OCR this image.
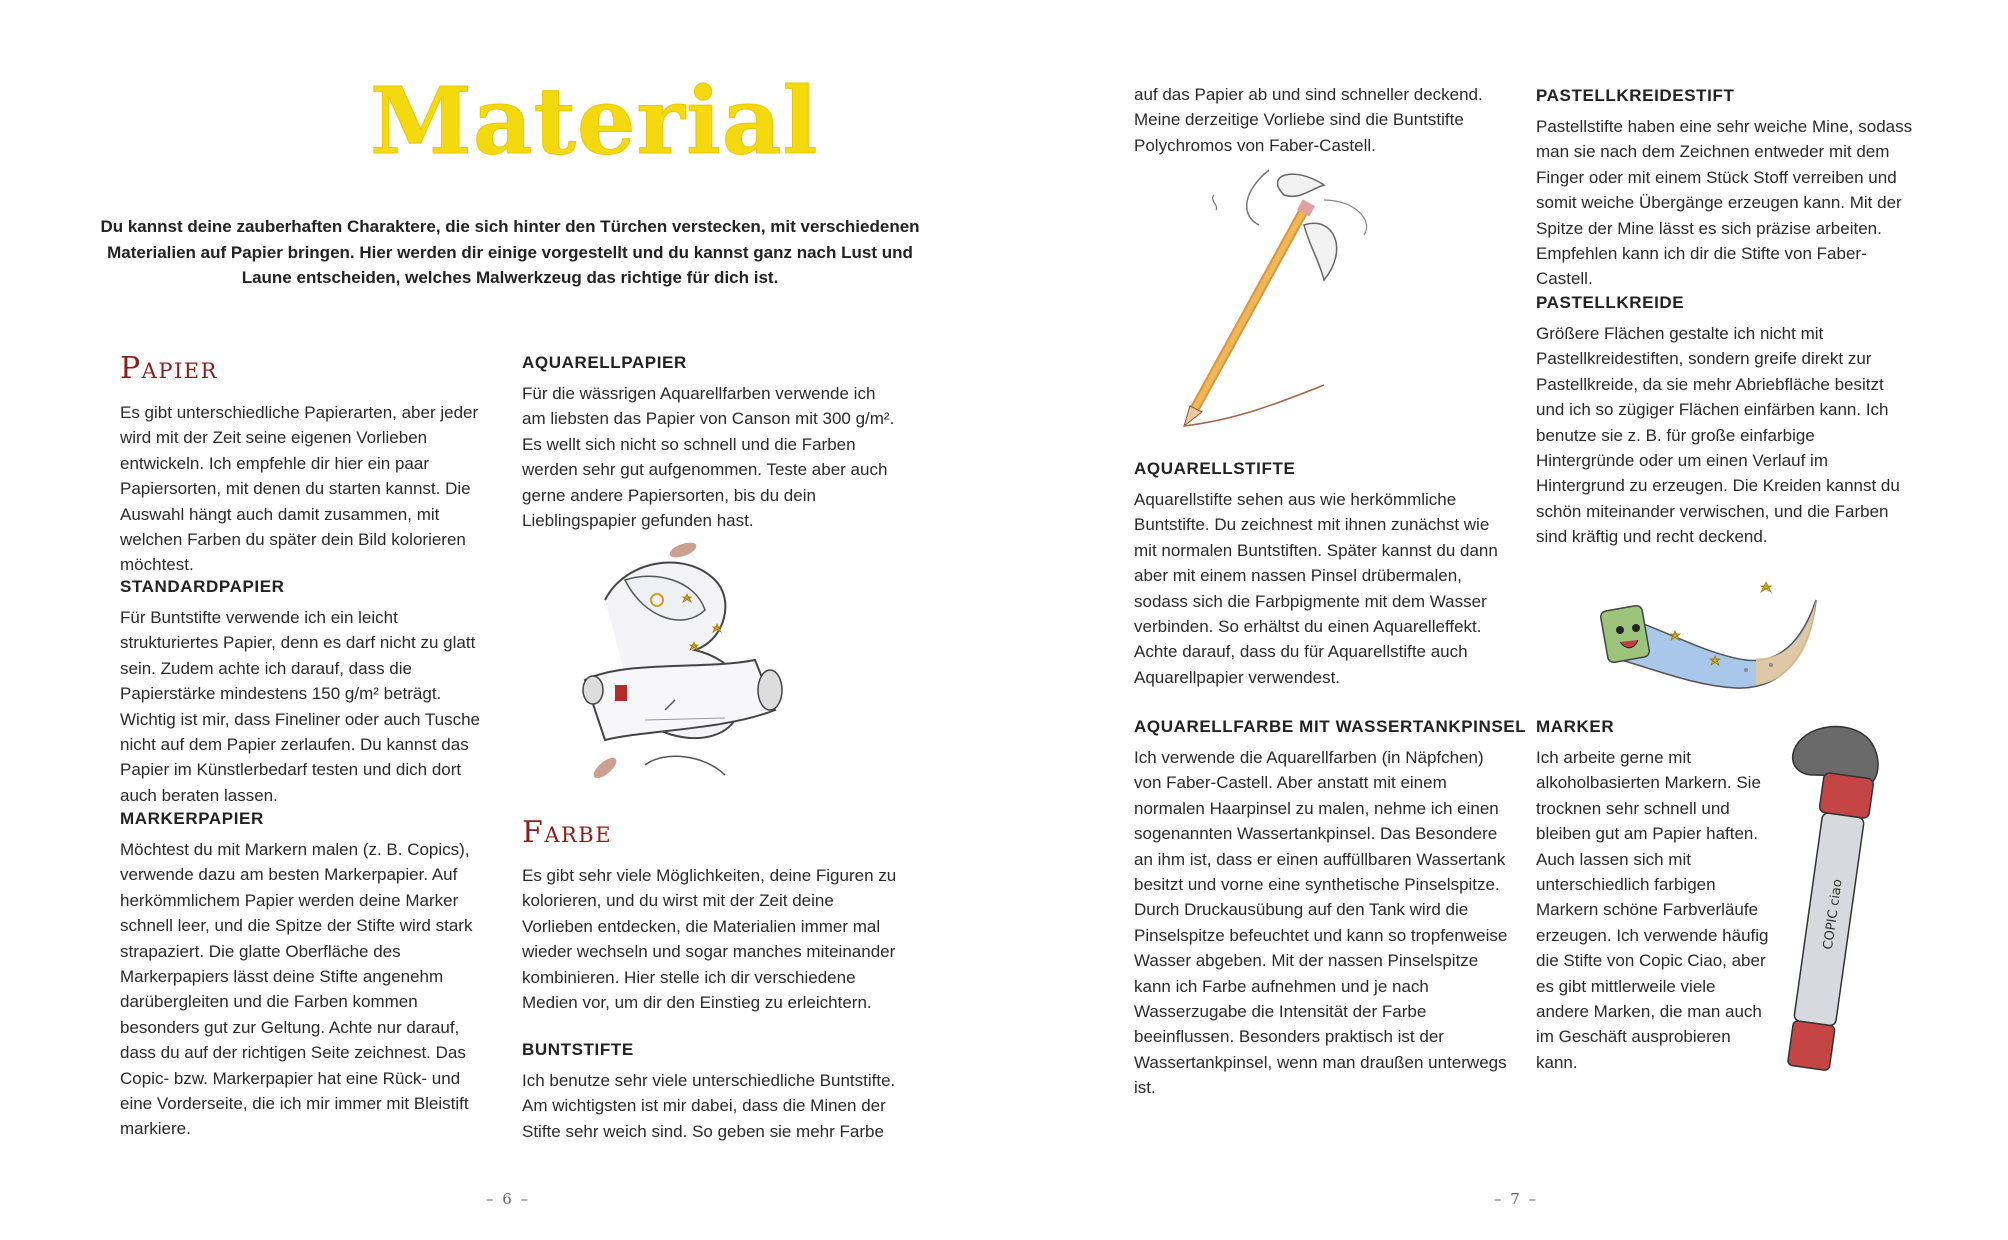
Material

Du kannst deine zauberhaften Charaktere, die sich hinter den Türchen verstecken, mit verschiedenen Materialien auf Papier bringen. Hier werden dir einige vorgestellt und du kannst ganz nach Lust und Laune entscheiden, welches Malwerkzeug das richtige für dich ist.

Papier

Es gibt unterschiedliche Papierarten, aber jeder wird mit der Zeit seine eigenen Vorlieben entwickeln. Ich empfehle dir hier ein paar Papiersorten, mit denen du starten kannst. Die Auswahl hängt auch damit zusammen, mit welchen Farben du später dein Bild kolorieren möchtest.

STANDARDPAPIER

Für Buntstifte verwende ich ein leicht strukturiertes Papier, denn es darf nicht zu glatt sein. Zudem achte ich darauf, dass die Papierstärke mindestens 150 g/m² beträgt. Wichtig ist mir, dass Fineliner oder auch Tusche nicht auf dem Papier zerlaufen. Du kannst das Papier im Künstlerbedarf testen und dich dort auch beraten lassen.

MARKERPAPIER

Möchtest du mit Markern malen (z. B. Copics), verwende dazu am besten Markerpapier. Auf herkömmlichem Papier werden deine Marker schnell leer, und die Spitze der Stifte wird stark strapaziert. Die glatte Oberfläche des Markerpapiers lässt deine Stifte angenehm darübergleiten und die Farben kommen besonders gut zur Geltung. Achte nur darauf, dass du auf der richtigen Seite zeichnest. Das Copic- bzw. Markerpapier hat eine Rück- und eine Vorderseite, die ich mir immer mit Bleistift markiere.

AQUARELLPAPIER

Für die wässrigen Aquarellfarben verwende ich am liebsten das Papier von Canson mit 300 g/m². Es wellt sich nicht so schnell und die Farben werden sehr gut aufgenommen. Teste aber auch gerne andere Papiersorten, bis du dein Lieblingspapier gefunden hast.

Farbe

Es gibt sehr viele Möglichkeiten, deine Figuren zu kolorieren, und du wirst mit der Zeit deine Vorlieben entdecken, die Materialien immer mal wieder wechseln und sogar manches miteinander kombinieren. Hier stelle ich dir verschiedene Medien vor, um dir den Einstieg zu erleichtern.

BUNTSTIFTE

Ich benutze sehr viele unterschiedliche Buntstifte. Am wichtigsten ist mir dabei, dass die Minen der Stifte sehr weich sind. So geben sie mehr Farbe

– 6 –

auf das Papier ab und sind schneller deckend. Meine derzeitige Vorliebe sind die Buntstifte Polychromos von Faber-Castell.

AQUARELLSTIFTE

Aquarellstifte sehen aus wie herkömmliche Buntstifte. Du zeichnest mit ihnen zunächst wie mit normalen Buntstiften. Später kannst du dann aber mit einem nassen Pinsel drübermalen, sodass sich die Farbpigmente mit dem Wasser verbinden. So erhältst du einen Aquarelleffekt. Achte darauf, dass du für Aquarellstifte auch Aquarellpapier verwendest.

AQUARELLFARBE MIT WASSERTANKPINSEL

Ich verwende die Aquarellfarben (in Näpfchen) von Faber-Castell. Aber anstatt mit einem normalen Haarpinsel zu malen, nehme ich einen sogenannten Wassertankpinsel. Das Besondere an ihm ist, dass er einen auffüllbaren Wassertank besitzt und vorne eine synthetische Pinselspitze. Durch Druckausübung auf den Tank wird die Pinselspitze befeuchtet und kann so tropfenweise Wasser abgeben. Mit der nassen Pinselspitze kann ich Farbe aufnehmen und je nach Wasserzugabe die Intensität der Farbe beeinflussen. Besonders praktisch ist der Wassertankpinsel, wenn man draußen unterwegs ist.

PASTELLKREIDESTIFT

Pastellstifte haben eine sehr weiche Mine, sodass man sie nach dem Zeichnen entweder mit dem Finger oder mit einem Stück Stoff verreiben und somit weiche Übergänge erzeugen kann. Mit der Spitze der Mine lässt es sich präzise arbeiten. Empfehlen kann ich dir die Stifte von Faber-Castell.

PASTELLKREIDE

Größere Flächen gestalte ich nicht mit Pastellkreidestiften, sondern greife direkt zur Pastellkreide, da sie mehr Abriebfläche besitzt und ich so zügiger Flächen einfärben kann. Ich benutze sie z. B. für große einfarbige Hintergründe oder um einen Verlauf im Hintergrund zu erzeugen. Die Kreiden kannst du schön miteinander verwischen, und die Farben sind kräftig und recht deckend.

MARKER

Ich arbeite gerne mit alkoholbasierten Markern. Sie trocknen sehr schnell und bleiben gut am Papier haften. Auch lassen sich mit unterschiedlich farbigen Markern schöne Farbverläufe erzeugen. Ich verwende häufig die Stifte von Copic Ciao, aber es gibt mittlerweile viele andere Marken, die man auch im Geschäft ausprobieren kann.

COPIC ciao
– 7 –
